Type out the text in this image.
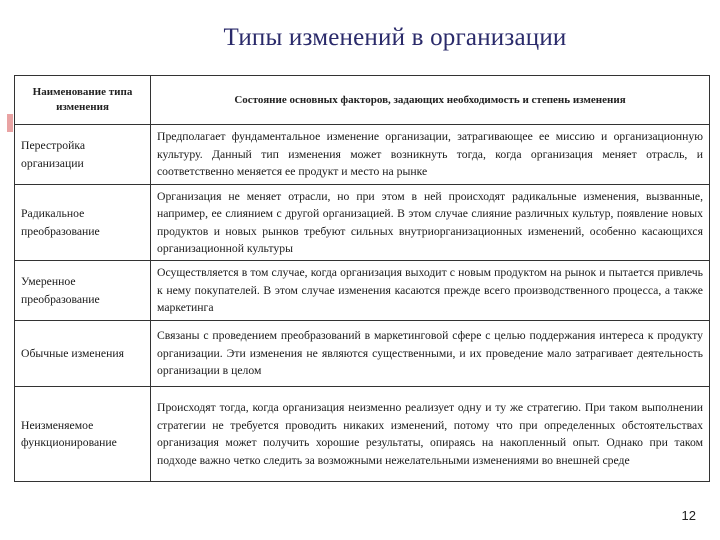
Типы изменений в организации
Наименование типа изменения	Состояние основных факторов, задающих необходимость и степень изменения
Перестройка организации	Предполагает фундаментальное изменение организации, затрагивающее ее миссию и организационную культуру. Данный тип изменения может возникнуть тогда, когда организация меняет отрасль, и соответственно меняется ее продукт и место на рынке
Радикальное преобразование	Организация не меняет отрасли, но при этом в ней происходят радикальные изменения, вызванные, например, ее слиянием с другой организацией. В этом случае слияние различных культур, появление новых продуктов и новых рынков требуют сильных внутриорганизационных изменений, особенно касающихся организационной культуры
Умеренное преобразование	Осуществляется в том случае, когда организация выходит с новым продуктом на рынок и пытается привлечь к нему покупателей. В этом случае изменения касаются прежде всего производственного процесса, а также маркетинга
Обычные изменения	Связаны с проведением преобразований в маркетинговой сфере с целью поддержания интереса к продукту организации. Эти изменения не являются существенными, и их проведение мало затрагивает деятельность организации в целом
Неизменяемое функционирование	Происходят тогда, когда организация неизменно реализует одну и ту же стратегию. При таком выполнении стратегии не требуется проводить никаких изменений, потому что при определенных обстоятельствах организация может получить хорошие результаты, опираясь на накопленный опыт. Однако при таком подходе важно четко следить за возможными нежелательными изменениями во внешней среде
12
